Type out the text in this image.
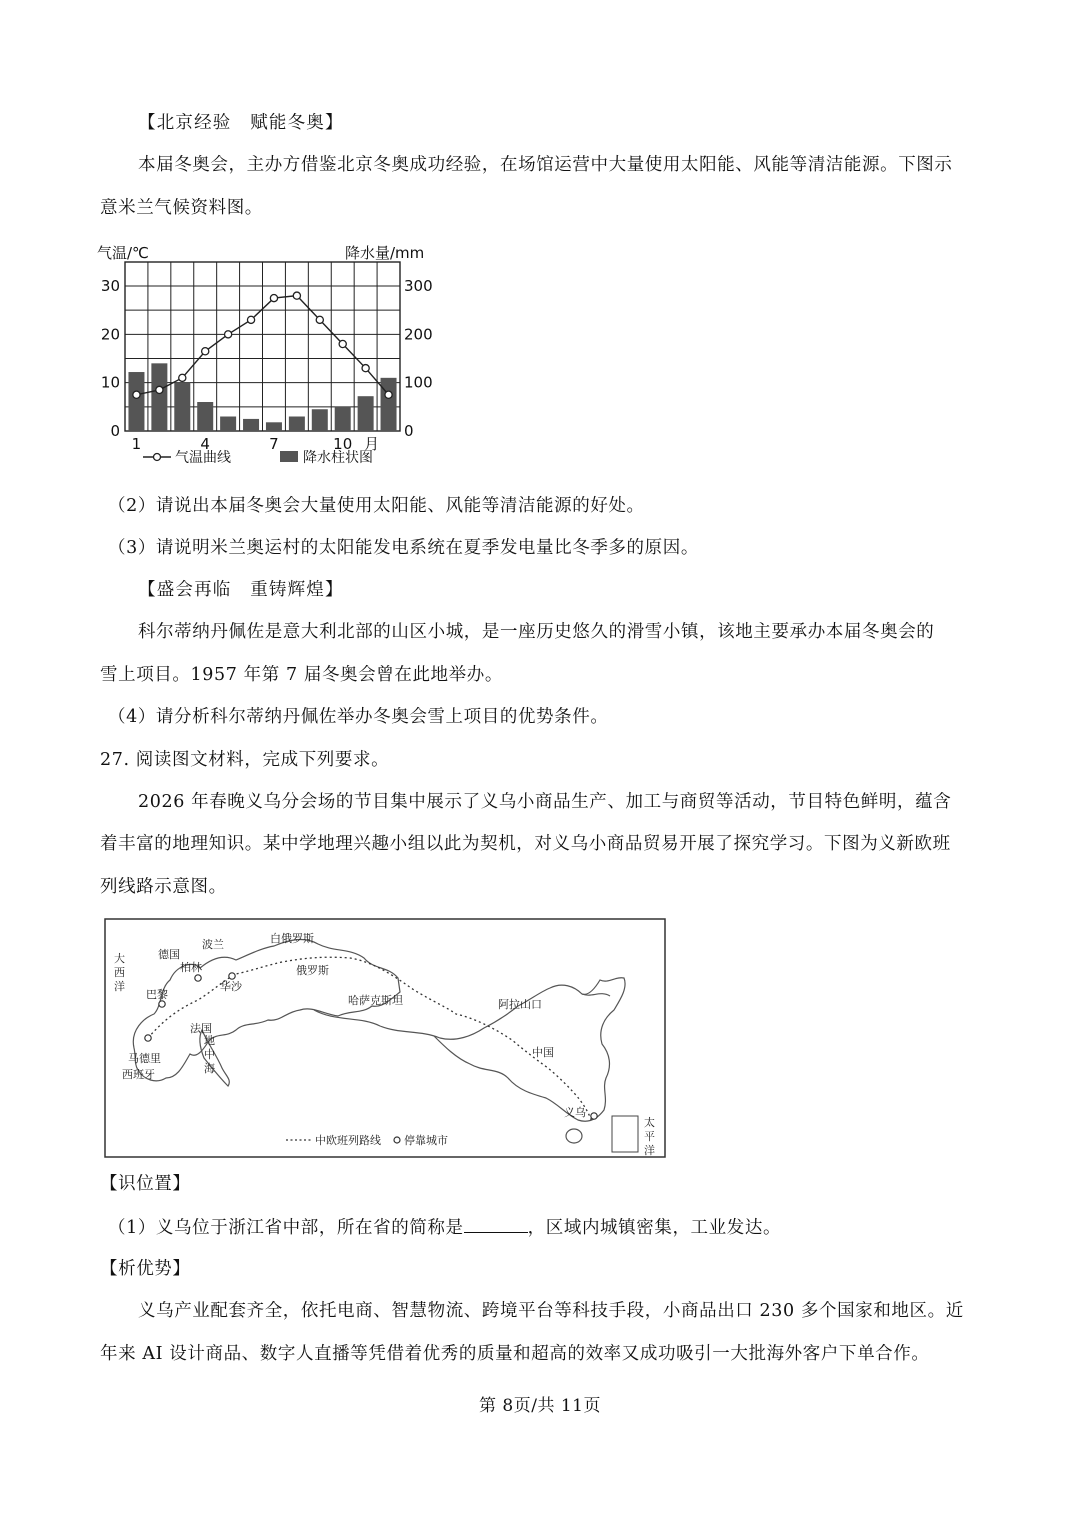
【北京经验　赋能冬奥】
本届冬奥会，主办方借鉴北京冬奥成功经验，在场馆运营中大量使用太阳能、风能等清洁能源。下图示
意米兰气候资料图。
气温/℃	降水量/mm
30
20
10
0
300
200
100
0
1	4	7	10 月
气温曲线	降水柱状图
（2）请说出本届冬奥会大量使用太阳能、风能等清洁能源的好处。
（3）请说明米兰奥运村的太阳能发电系统在夏季发电量比冬季多的原因。
【盛会再临　重铸辉煌】
科尔蒂纳丹佩佐是意大利北部的山区小城，是一座历史悠久的滑雪小镇，该地主要承办本届冬奥会的
雪上项目。1957 年第 7 届冬奥会曾在此地举办。
（4）请分析科尔蒂纳丹佩佐举办冬奥会雪上项目的优势条件。
27. 阅读图文材料，完成下列要求。
2026 年春晚义乌分会场的节目集中展示了义乌小商品生产、加工与商贸等活动，节目特色鲜明，蕴含
着丰富的地理知识。某中学地理兴趣小组以此为契机，对义乌小商品贸易开展了探究学习。下图为义新欧班
列线路示意图。
德国
波兰	白俄罗斯
柏林	俄罗斯
巴黎
华沙
哈萨克斯坦	阿拉山口
法国
马德里
西班牙
中国
义乌
大西洋
地中海
太平洋
中欧班列路线 停靠城市
【识位置】
（1）义乌位于浙江省中部，所在省的简称是	，区域内城镇密集，工业发达。
【析优势】
义乌产业配套齐全，依托电商、智慧物流、跨境平台等科技手段，小商品出口 230 多个国家和地区。近
年来 AI 设计商品、数字人直播等凭借着优秀的质量和超高的效率又成功吸引一大批海外客户下单合作。
第 8页/共 11页
